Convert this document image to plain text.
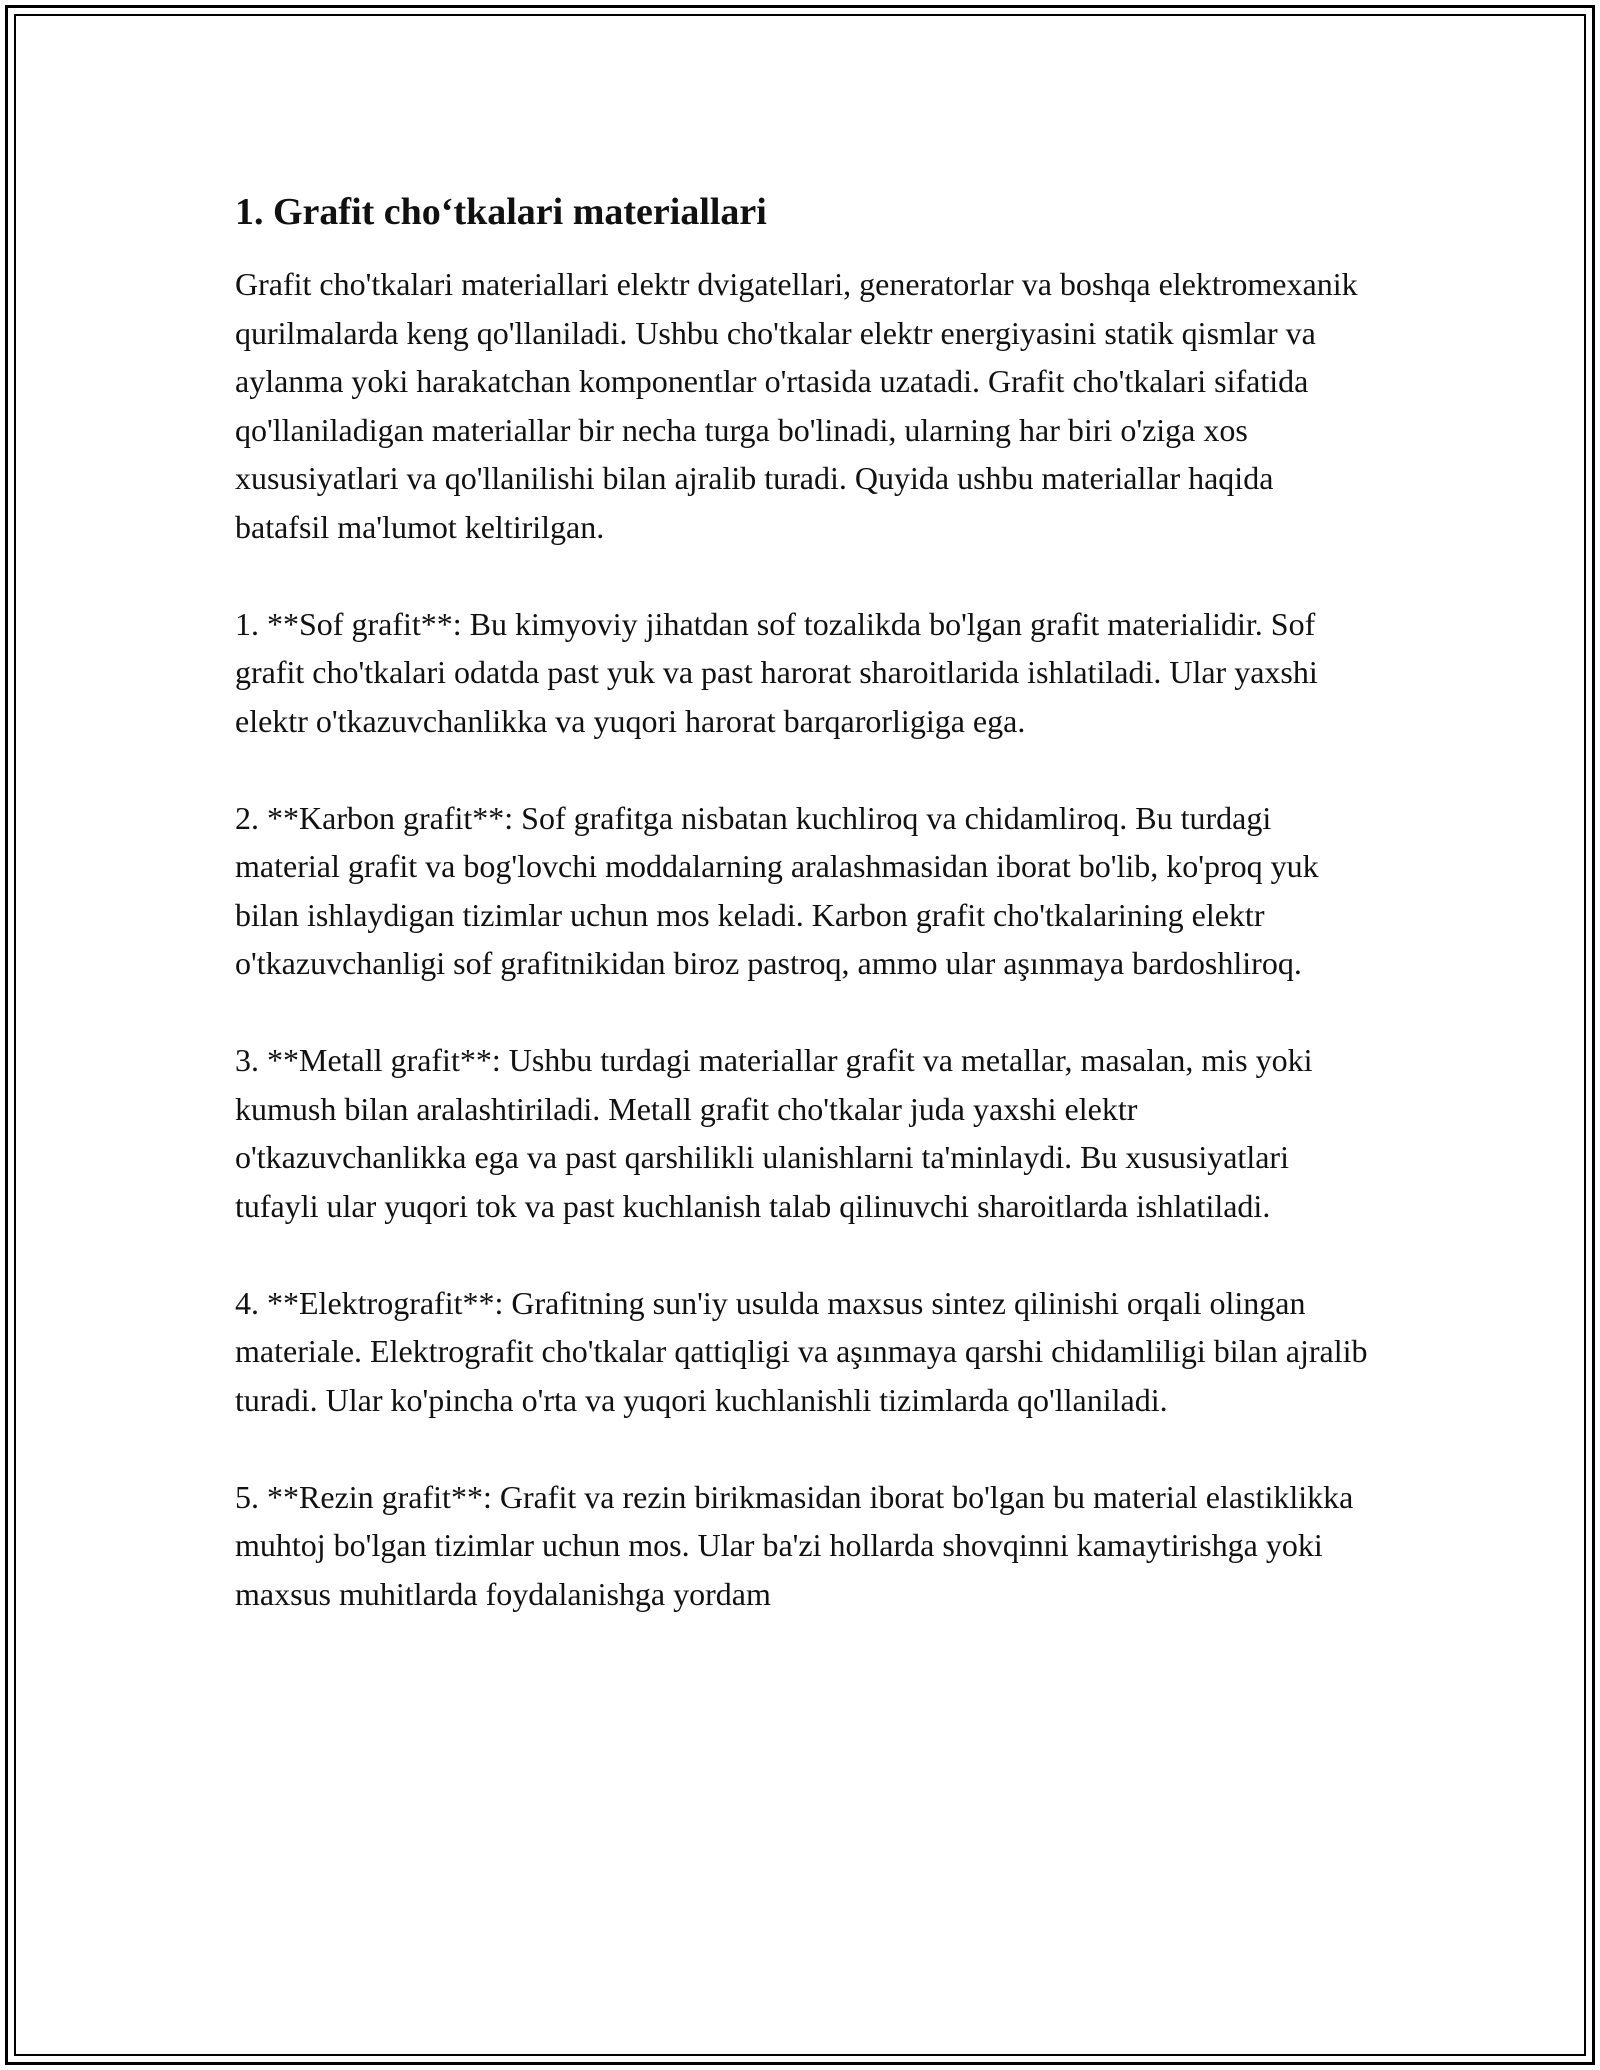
1. Grafit cho‘tkalari materiallari

Grafit cho'tkalari materiallari elektr dvigatellari, generatorlar va boshqa elektromexanik qurilmalarda keng qo'llaniladi. Ushbu cho'tkalar elektr energiyasini statik qismlar va aylanma yoki harakatchan komponentlar o'rtasida uzatadi. Grafit cho'tkalari sifatida qo'llaniladigan materiallar bir necha turga bo'linadi, ularning har biri o'ziga xos xususiyatlari va qo'llanilishi bilan ajralib turadi. Quyida ushbu materiallar haqida batafsil ma'lumot keltirilgan.

1. **Sof grafit**: Bu kimyoviy jihatdan sof tozalikda bo'lgan grafit materialidir. Sof grafit cho'tkalari odatda past yuk va past harorat sharoitlarida ishlatiladi. Ular yaxshi elektr o'tkazuvchanlikka va yuqori harorat barqarorligiga ega.

2. **Karbon grafit**: Sof grafitga nisbatan kuchliroq va chidamliroq. Bu turdagi material grafit va bog'lovchi moddalarning aralashmasidan iborat bo'lib, ko'proq yuk bilan ishlaydigan tizimlar uchun mos keladi. Karbon grafit cho'tkalarining elektr o'tkazuvchanligi sof grafitnikidan biroz pastroq, ammo ular aşınmaya bardoshliroq.

3. **Metall grafit**: Ushbu turdagi materiallar grafit va metallar, masalan, mis yoki kumush bilan aralashtiriladi. Metall grafit cho'tkalar juda yaxshi elektr o'tkazuvchanlikka ega va past qarshilikli ulanishlarni ta'minlaydi. Bu xususiyatlari tufayli ular yuqori tok va past kuchlanish talab qilinuvchi sharoitlarda ishlatiladi.

4. **Elektrografit**: Grafitning sun'iy usulda maxsus sintez qilinishi orqali olingan materiale. Elektrografit cho'tkalar qattiqligi va aşınmaya qarshi chidamliligi bilan ajralib turadi. Ular ko'pincha o'rta va yuqori kuchlanishli tizimlarda qo'llaniladi.

5. **Rezin grafit**: Grafit va rezin birikmasidan iborat bo'lgan bu material elastiklikka muhtoj bo'lgan tizimlar uchun mos. Ular ba'zi hollarda shovqinni kamaytirishga yoki maxsus muhitlarda foydalanishga yordam
